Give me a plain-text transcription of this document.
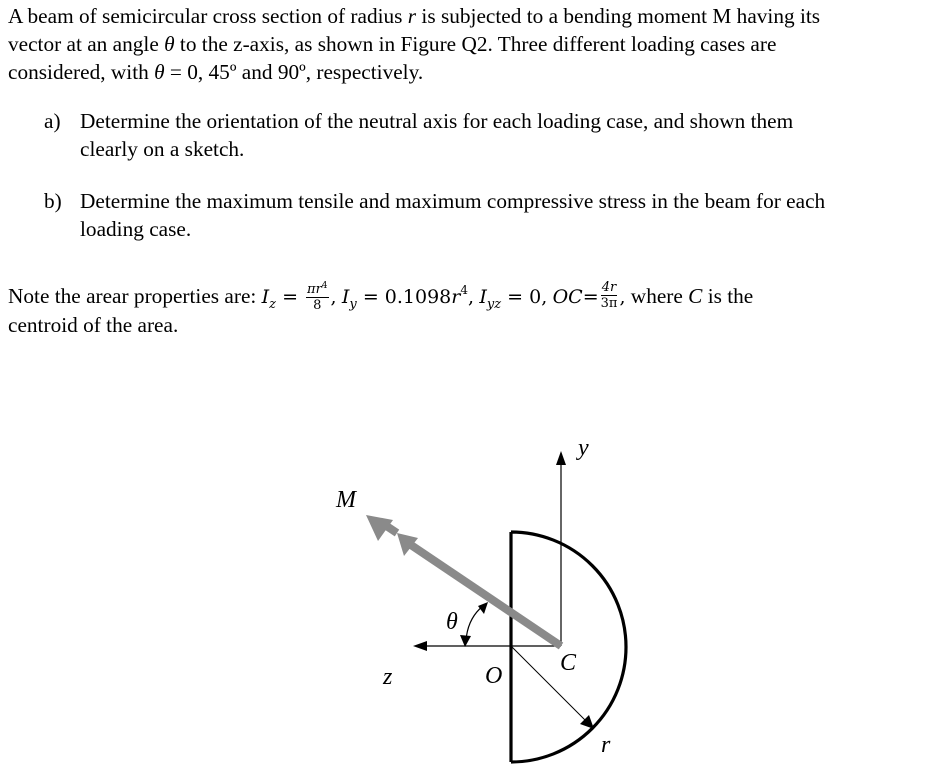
A beam of semicircular cross section of radius r is subjected to a bending moment M having its
vector at an angle θ to the z-axis, as shown in Figure Q2. Three different loading cases are
considered, with θ = 0, 45º and 90º, respectively.
a) Determine the orientation of the neutral axis for each loading case, and shown them
clearly on a sketch.
b) Determine the maximum tensile and maximum compressive stress in the beam for each
loading case.
Note the arear properties are: $I_z = \frac{\pi r^4}{8}$ , $I_y = 0.1098r^4$, $I_{yz} = 0$, $OC= \frac{4r}{3\pi}$ , where C is the
centroid of the area.
y
z
M
θ
O C
r
